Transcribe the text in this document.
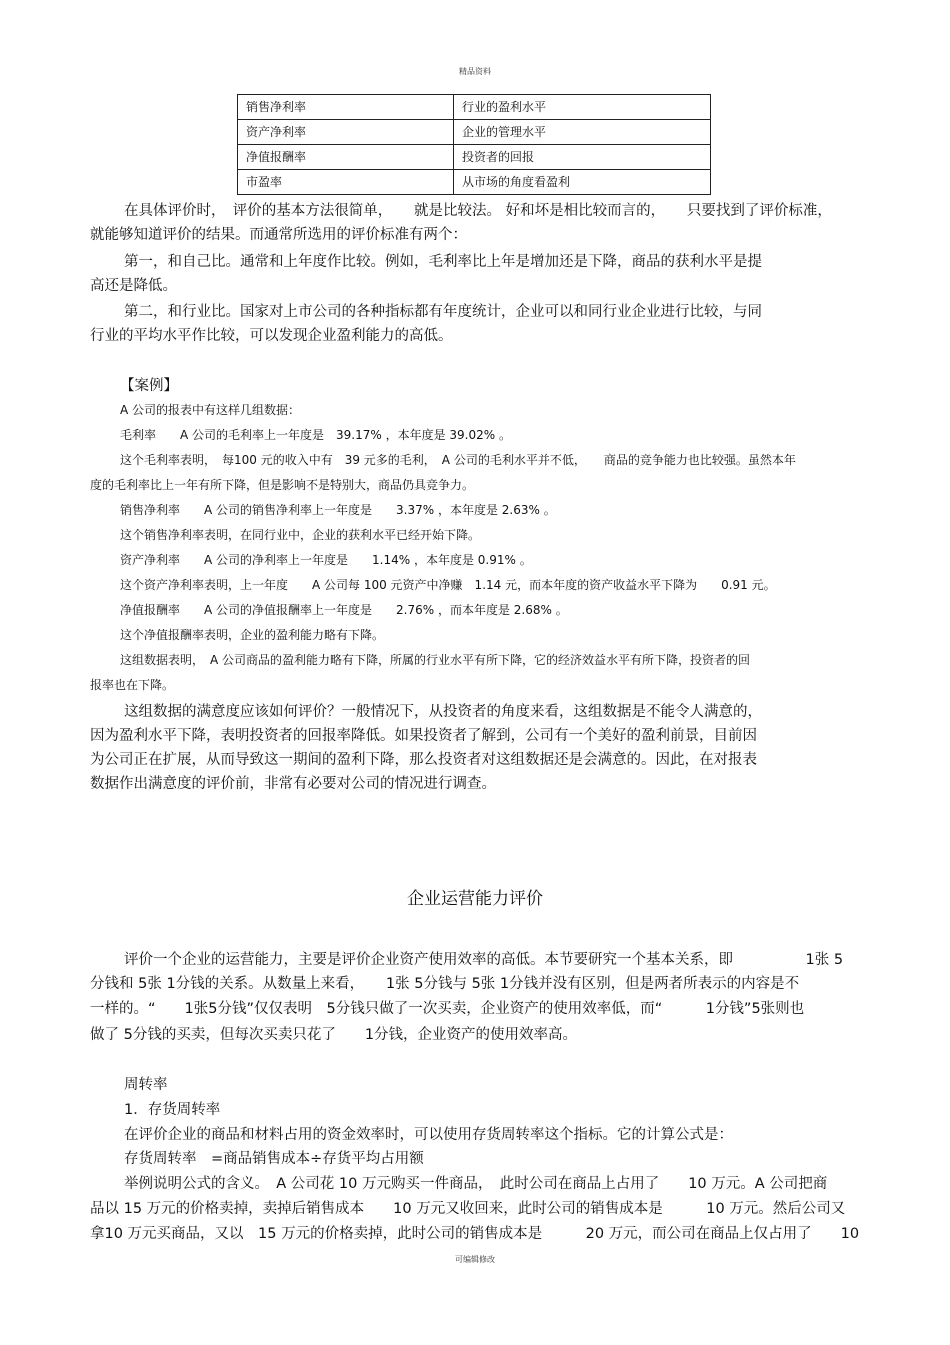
精品资料
销售净利率	行业的盈利水平
资产净利率	企业的管理水平
净值报酬率	投资者的回报
市盈率	从市场的角度看盈利
在具体评价时，　评价的基本方法很简单，　　就是比较法。 好和坏是相比较而言的，　　只要找到了评价标准，
就能够知道评价的结果。而通常所选用的评价标准有两个：
第一，和自己比。通常和上年度作比较。例如，毛利率比上年是增加还是下降，商品的获利水平是提
高还是降低。
第二，和行业比。国家对上市公司的各种指标都有年度统计，企业可以和同行业企业进行比较，与同
行业的平均水平作比较，可以发现企业盈利能力的高低。
【案例】
A 公司的报表中有这样几组数据：
毛利率　　A 公司的毛利率上一年度是　39.17% ，本年度是 39.02% 。
这个毛利率表明，　每100 元的收入中有　39 元多的毛利，　A 公司的毛利水平并不低，　　商品的竞争能力也比较强。虽然本年
度的毛利率比上一年有所下降，但是影响不是特别大，商品仍具竞争力。
销售净利率　　A 公司的销售净利率上一年度是　　3.37% ，本年度是 2.63% 。
这个销售净利率表明，在同行业中，企业的获利水平已经开始下降。
资产净利率　　A 公司的净利率上一年度是　　1.14% ，本年度是 0.91% 。
这个资产净利率表明，上一年度　　A 公司每 100 元资产中净赚　1.14 元，而本年度的资产收益水平下降为　　0.91 元。
净值报酬率　　A 公司的净值报酬率上一年度是　　2.76% ，而本年度是 2.68% 。
这个净值报酬率表明，企业的盈利能力略有下降。
这组数据表明，　A 公司商品的盈利能力略有下降，所属的行业水平有所下降，它的经济效益水平有所下降，投资者的回
报率也在下降。
这组数据的满意度应该如何评价？一般情况下，从投资者的角度来看，这组数据是不能令人满意的，
因为盈利水平下降，表明投资者的回报率降低。如果投资者了解到，公司有一个美好的盈利前景，目前因
为公司正在扩展，从而导致这一期间的盈利下降，那么投资者对这组数据还是会满意的。因此，在对报表
数据作出满意度的评价前，非常有必要对公司的情况进行调查。
企业运营能力评价
评价一个企业的运营能力，主要是评价企业资产使用效率的高低。本节要研究一个基本关系，即　　　　　1张 5
分钱和 5张 1分钱的关系。从数量上来看，　　1张 5分钱与 5张 1分钱并没有区别，但是两者所表示的内容是不
一样的。“　　1张5分钱”仅仅表明　5分钱只做了一次买卖，企业资产的使用效率低，而“　　　1分钱”5张则也
做了 5分钱的买卖，但每次买卖只花了　　1分钱，企业资产的使用效率高。
周转率
1．存货周转率
在评价企业的商品和材料占用的资金效率时，可以使用存货周转率这个指标。它的计算公式是：
存货周转率　=商品销售成本÷存货平均占用额
举例说明公式的含义。　A 公司花 10 万元购买一件商品，　此时公司在商品上占用了　　10 万元。A 公司把商
品以 15 万元的价格卖掉，卖掉后销售成本　　10 万元又收回来，此时公司的销售成本是　　　10 万元。然后公司又
拿10 万元买商品，又以　15 万元的价格卖掉，此时公司的销售成本是　　　20 万元，而公司在商品上仅占用了　　10
可编辑修改
